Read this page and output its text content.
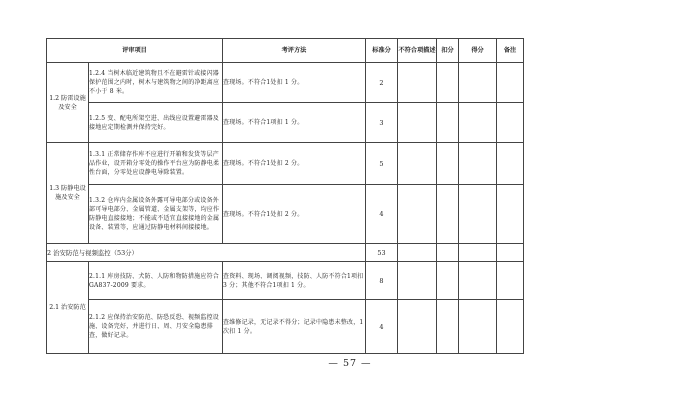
评审项目		考评方法	标准分	不符合项描述	扣分	得分	备注
1.2 防雷设施及安全	1.2.4 当树木临近建筑物且不在避雷针或接闪器保护范围之内时，树木与建筑物之间的净距离应不小于 8 米。	查现场。不符合1处扣 1 分。	2				
	1.2.5 变、配电所架空进、出线应设置避雷器及接地应定期检测并保持完好。	查现场。不符合1项扣 1 分。	3				
1.3 防静电设施及安全	1.3.1 正常储存作库不应进行开箱和发货等层产品作业，设开箱分零处的操作平台应为防静电柔性台面，分零处应设静电导除装置。	查现场。不符合1处扣 2 分。	5				
	1.3.2 仓库内金属设备外露可导电部分或设备外部可导电部分、金属管道、金属支架等，均应作防静电直接接地；不能或不适宜直接接地的金属设备、装置等，应通过防静电材料间接接地。	查现场。不符合1处扣 2 分。	4				
2 治安防范与视频监控（53分）			53				
2.1 治安防范	2.1.1 库房技防、犬防、人防和物防措施应符合 GA837-2009 要求。	查资料、现场、调阅视频，技防、人防不符合1项扣 3 分；其他不符合1项扣 1 分。	8				
	2.1.2 应保持治安防范、防恐反恐、视频监控设施、设备完好，并进行日、周、月安全隐患排查，做好记录。	查维修记录，无记录不得分；记录中隐患未整改，1次扣 1 分。	4				
— 57 —
